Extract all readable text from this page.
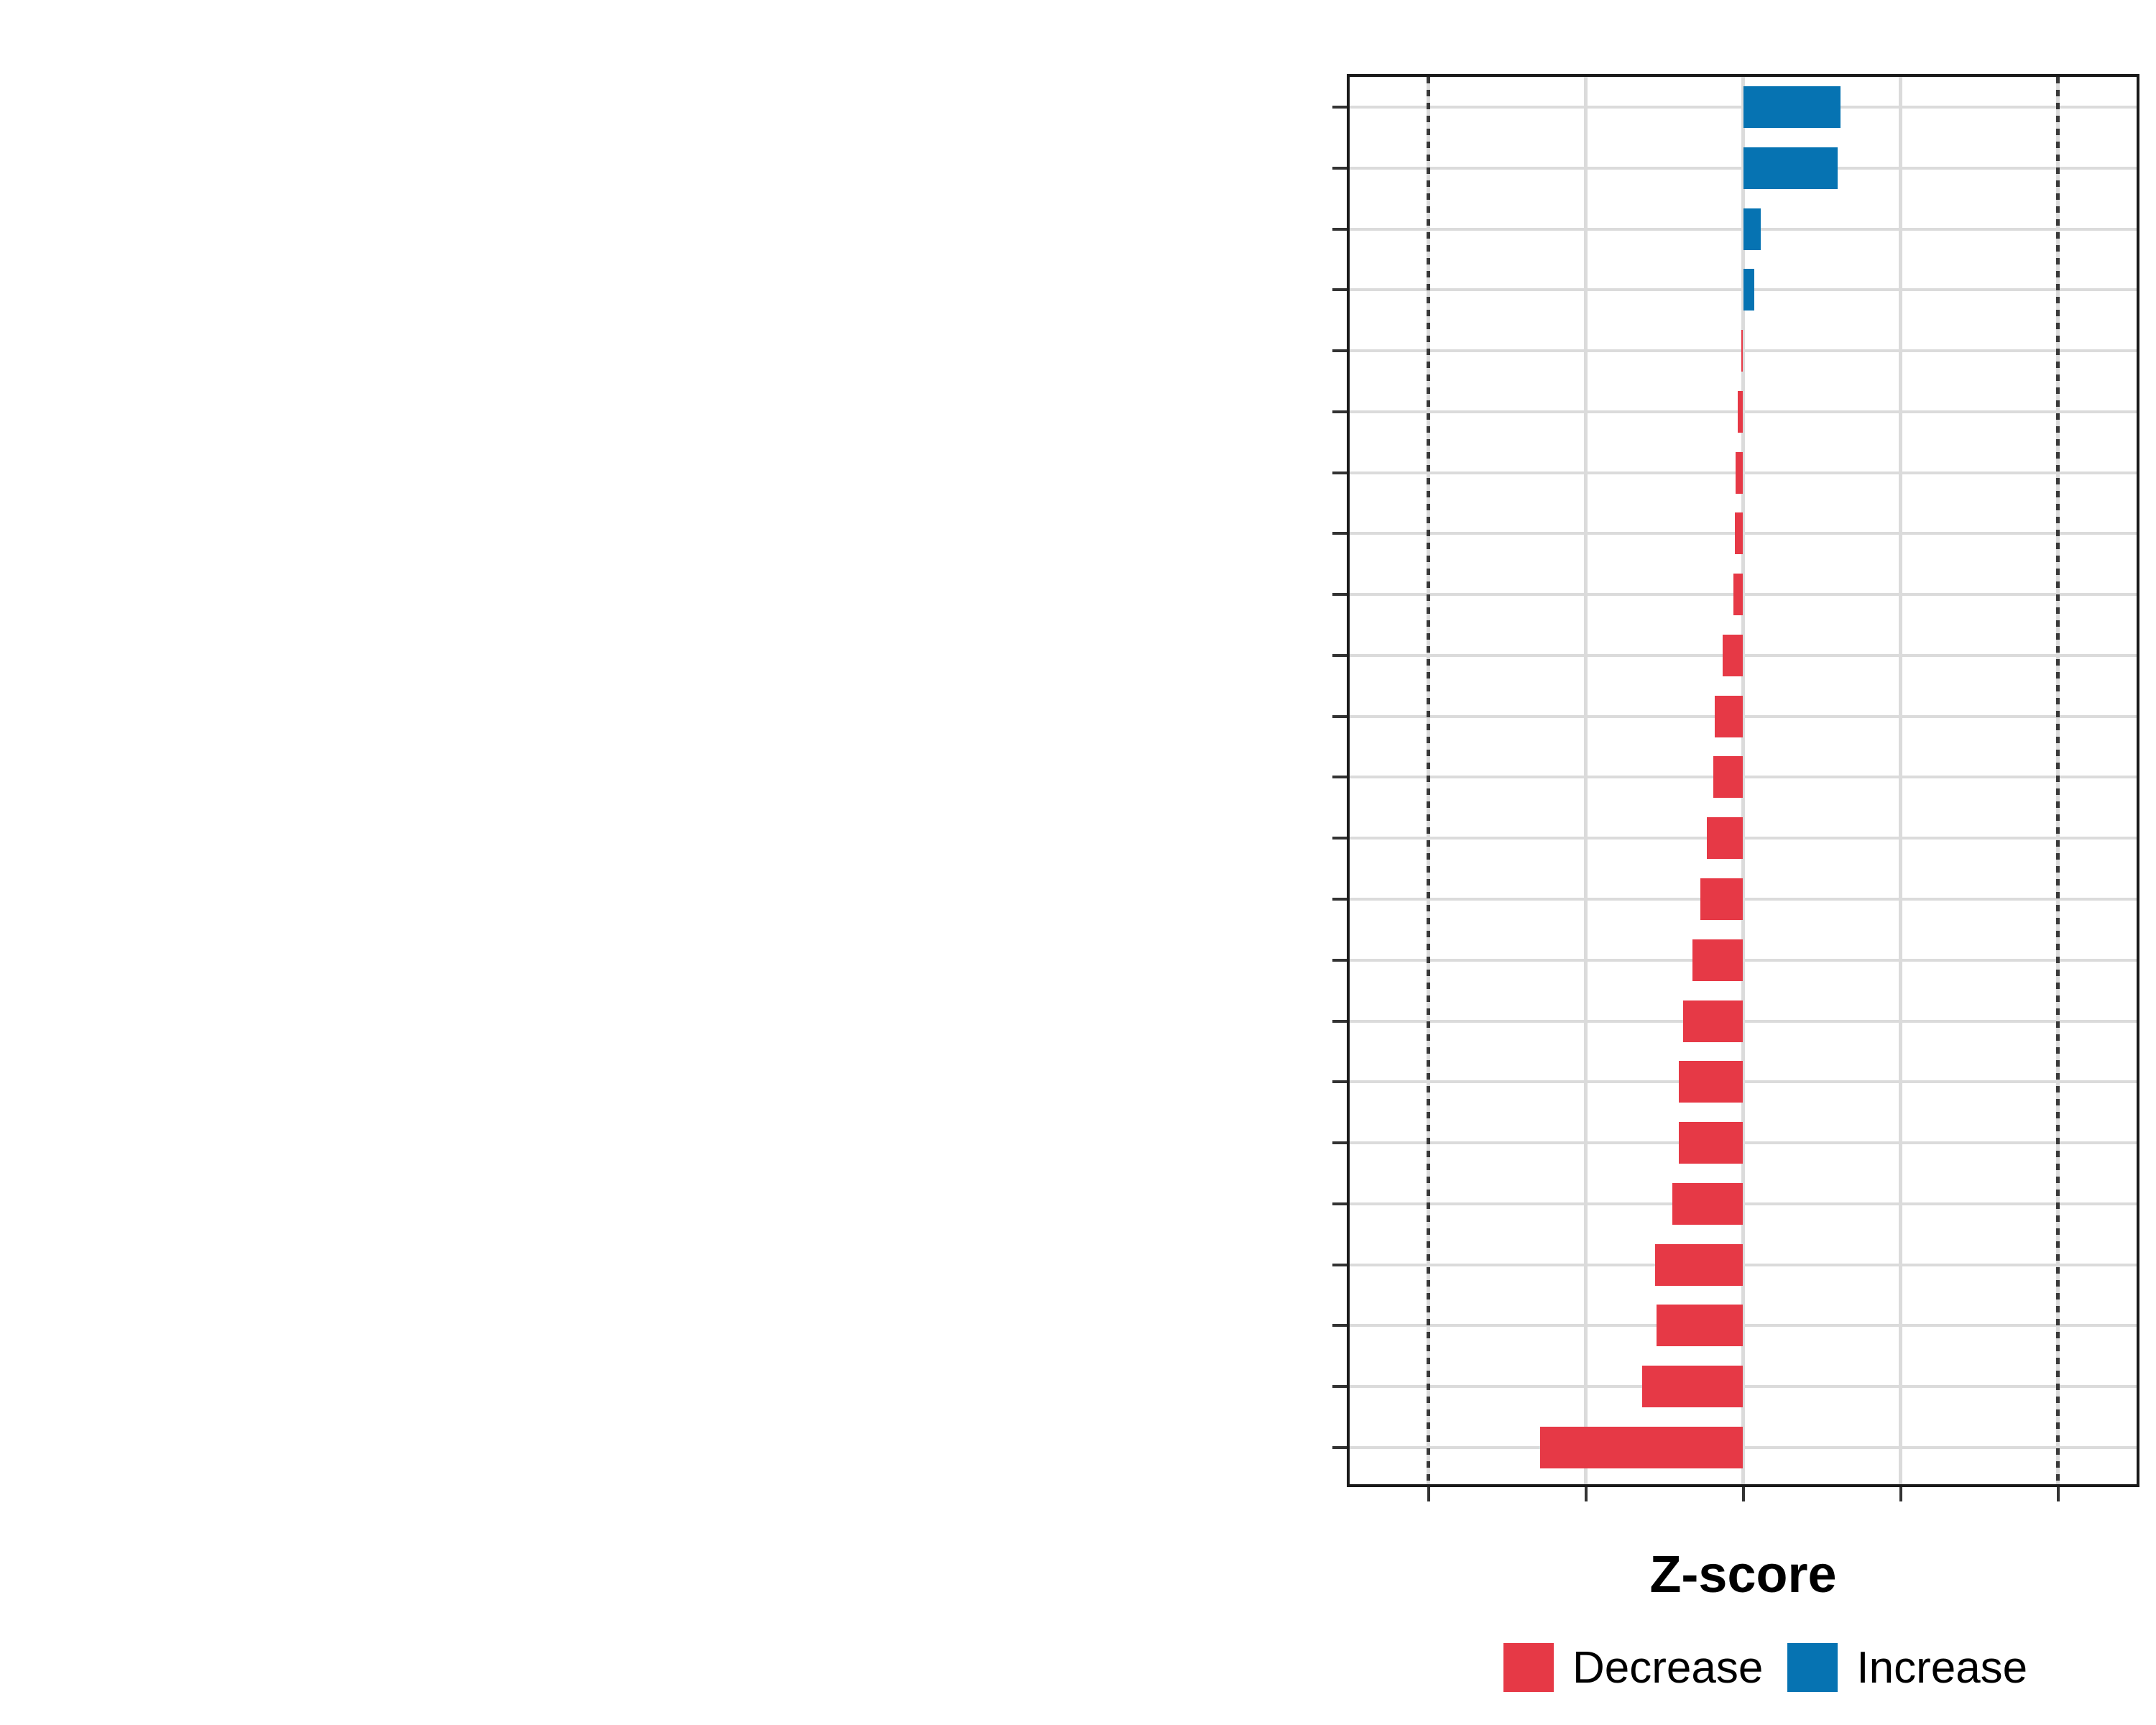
Z-score
Decrease Increase
